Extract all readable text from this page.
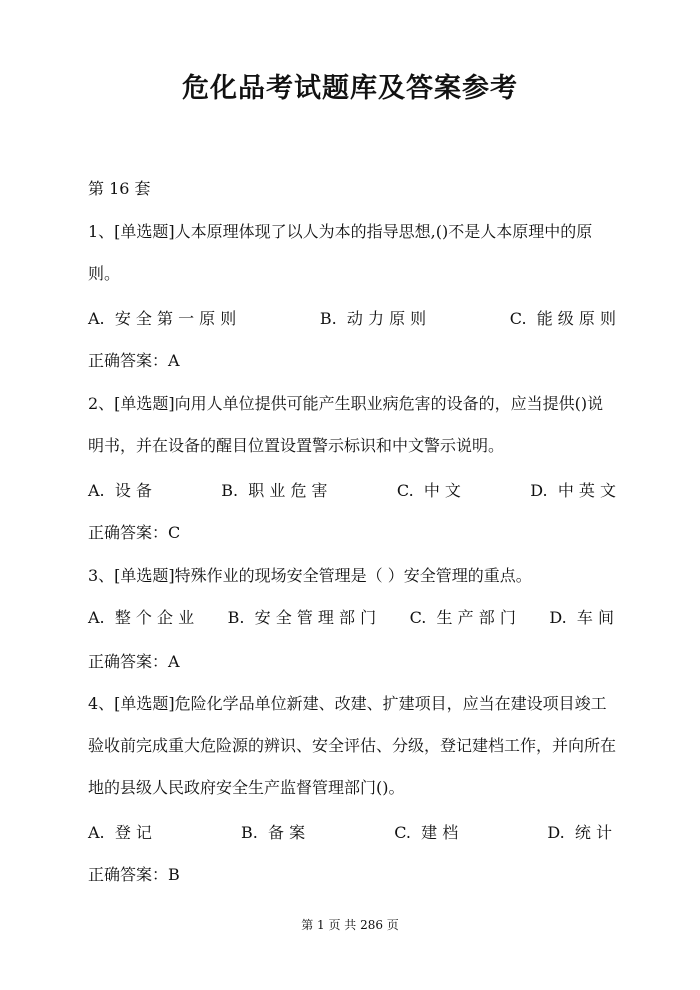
危化品考试题库及答案参考
第 16 套
1、[单选题]人本原理体现了以人为本的指导思想,()不是人本原理中的原则。
A.  安 全 第 一 原 则	B.  动 力 原 则	C.  能 级 原 则
正确答案：A
2、[单选题]向用人单位提供可能产生职业病危害的设备的，应当提供()说明书，并在设备的醒目位置设置警示标识和中文警示说明。
A.  设 备	B.  职 业 危 害	C.  中 文	D.  中 英 文
正确答案：C
3、[单选题]特殊作业的现场安全管理是（ ）安全管理的重点。
A.  整 个 企 业 B.  安 全 管 理 部 门 C.  生 产 部 门 D.  车 间
正确答案：A
4、[单选题]危险化学品单位新建、改建、扩建项目，应当在建设项目竣工验收前完成重大危险源的辨识、安全评估、分级，登记建档工作，并向所在地的县级人民政府安全生产监督管理部门()。
A.  登 记	B.  备 案	C.  建 档	D.  统 计
正确答案：B
第 1 页 共 286 页
